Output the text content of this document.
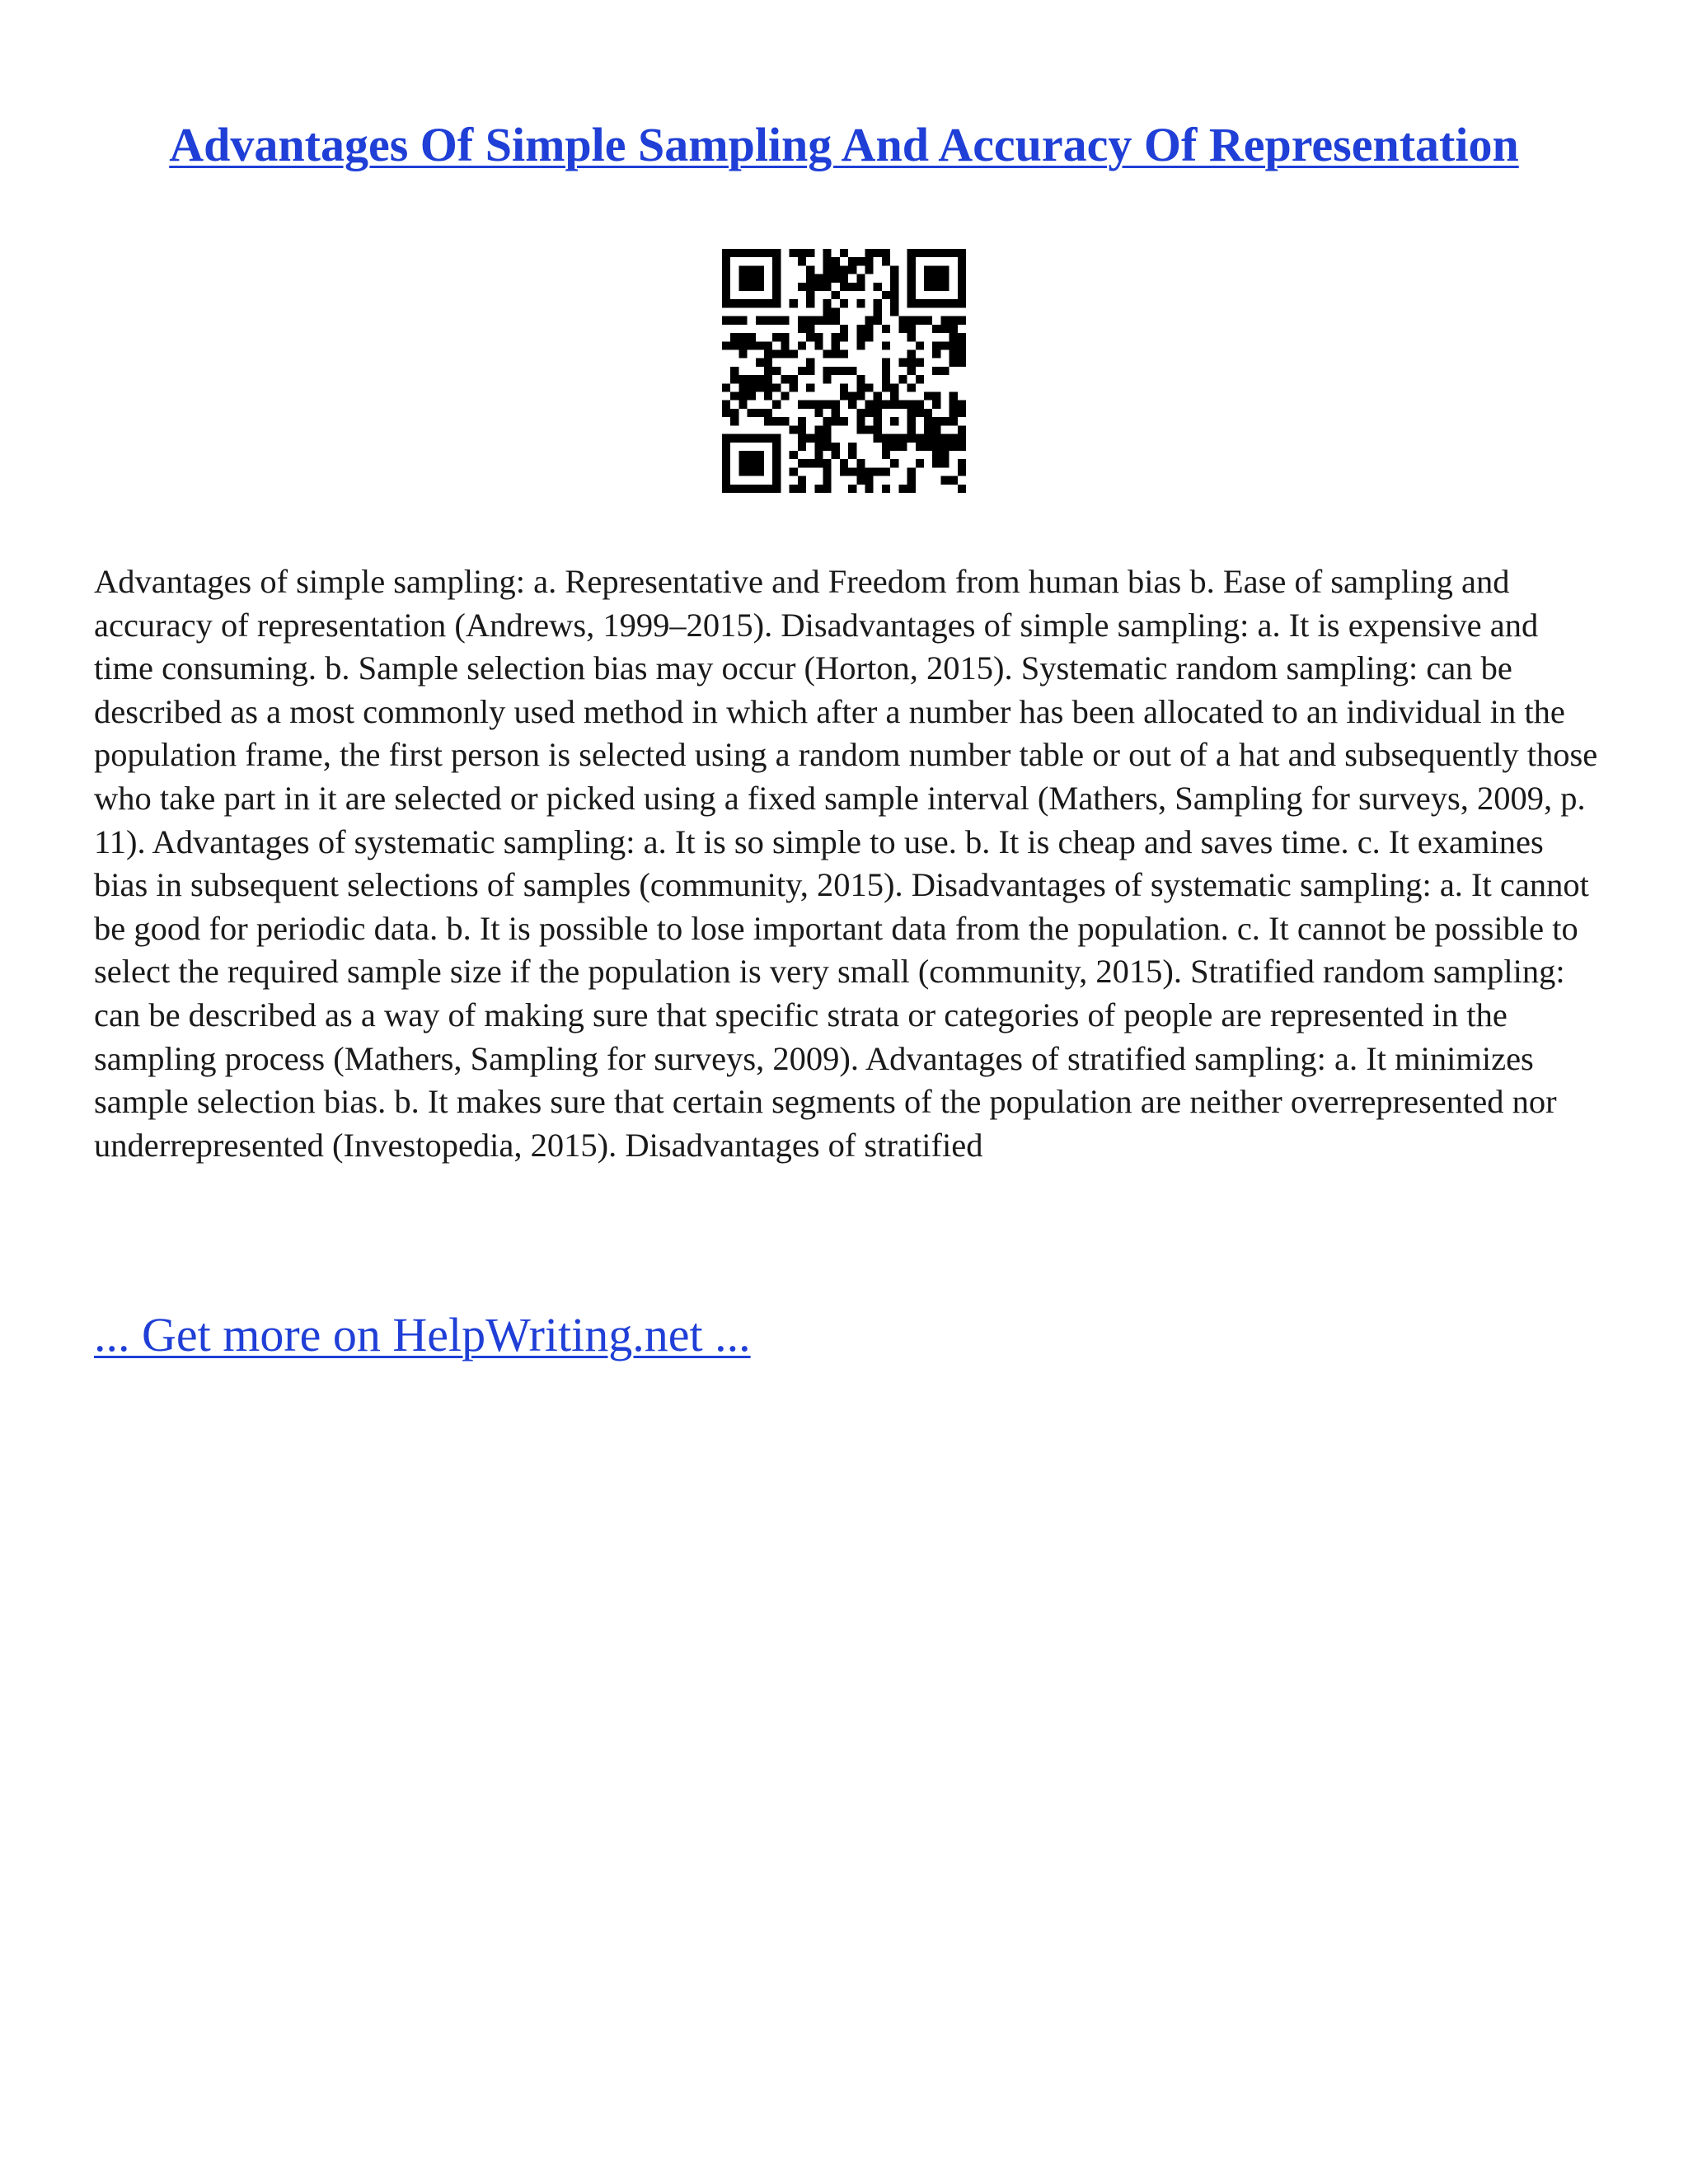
Advantages Of Simple Sampling And Accuracy Of Representation

Advantages of simple sampling: a. Representative and Freedom from human bias b. Ease of sampling and accuracy of representation (Andrews, 1999–2015). Disadvantages of simple sampling: a. It is expensive and time consuming. b. Sample selection bias may occur (Horton, 2015). Systematic random sampling: can be described as a most commonly used method in which after a number has been allocated to an individual in the population frame, the first person is selected using a random number table or out of a hat and subsequently those who take part in it are selected or picked using a fixed sample interval (Mathers, Sampling for surveys, 2009, p. 11). Advantages of systematic sampling: a. It is so simple to use. b. It is cheap and saves time. c. It examines bias in subsequent selections of samples (community, 2015). Disadvantages of systematic sampling: a. It cannot be good for periodic data. b. It is possible to lose important data from the population. c. It cannot be possible to select the required sample size if the population is very small (community, 2015). Stratified random sampling: can be described as a way of making sure that specific strata or categories of people are represented in the sampling process (Mathers, Sampling for surveys, 2009). Advantages of stratified sampling: a. It minimizes sample selection bias. b. It makes sure that certain segments of the population are neither overrepresented nor underrepresented (Investopedia, 2015). Disadvantages of stratified

... Get more on HelpWriting.net ...
